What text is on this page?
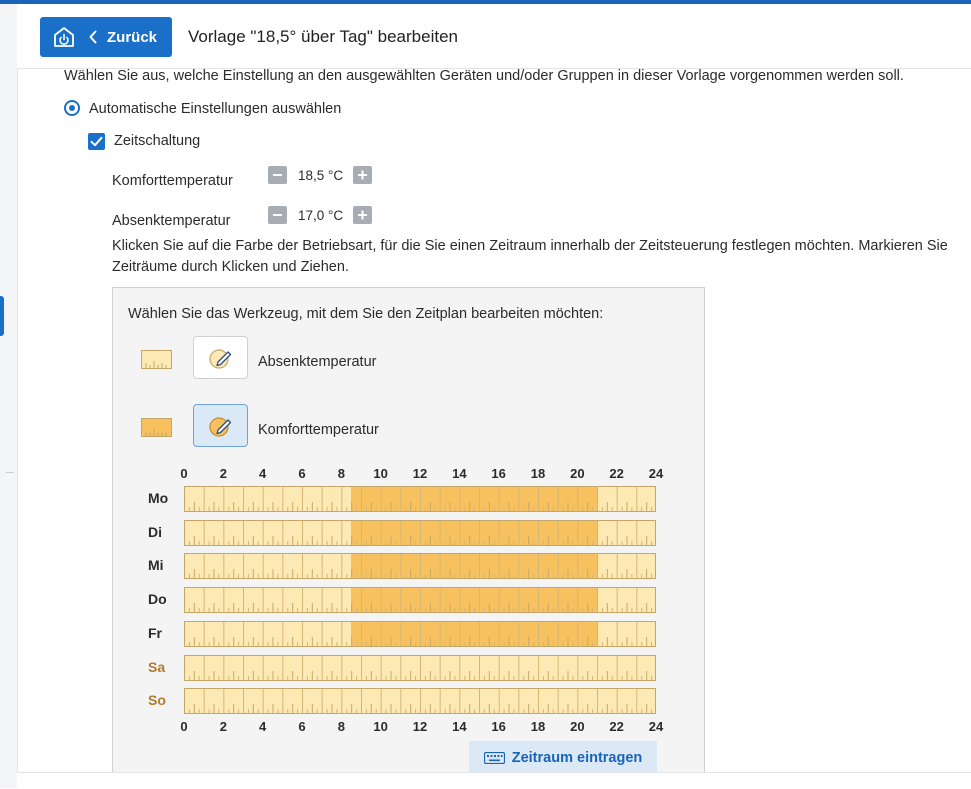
Zurück Vorlage "18,5° über Tag" bearbeiten
Wählen Sie aus, welche Einstellung an den ausgewählten Geräten und/oder Gruppen in dieser Vorlage vorgenommen werden soll.
Automatische Einstellungen auswählen
Zeitschaltung
Komforttemperatur	18,5 °C
Absenktemperatur	17,0 °C
Klicken Sie auf die Farbe der Betriebsart, für die Sie einen Zeitraum innerhalb der Zeitsteuerung festlegen möchten. Markieren Sie
Zeiträume durch Klicken und Ziehen.
Wählen Sie das Werkzeug, mit dem Sie den Zeitplan bearbeiten möchten:
Absenktemperatur
Komforttemperatur
0	2	4	6	8	10 12 14 16 18 20 22 24
0	2	4	6	8	10 12 14 16 18 20 22 24
Mo
Di
Mi
Do
Fr
Sa
So
Zeitraum eintragen
